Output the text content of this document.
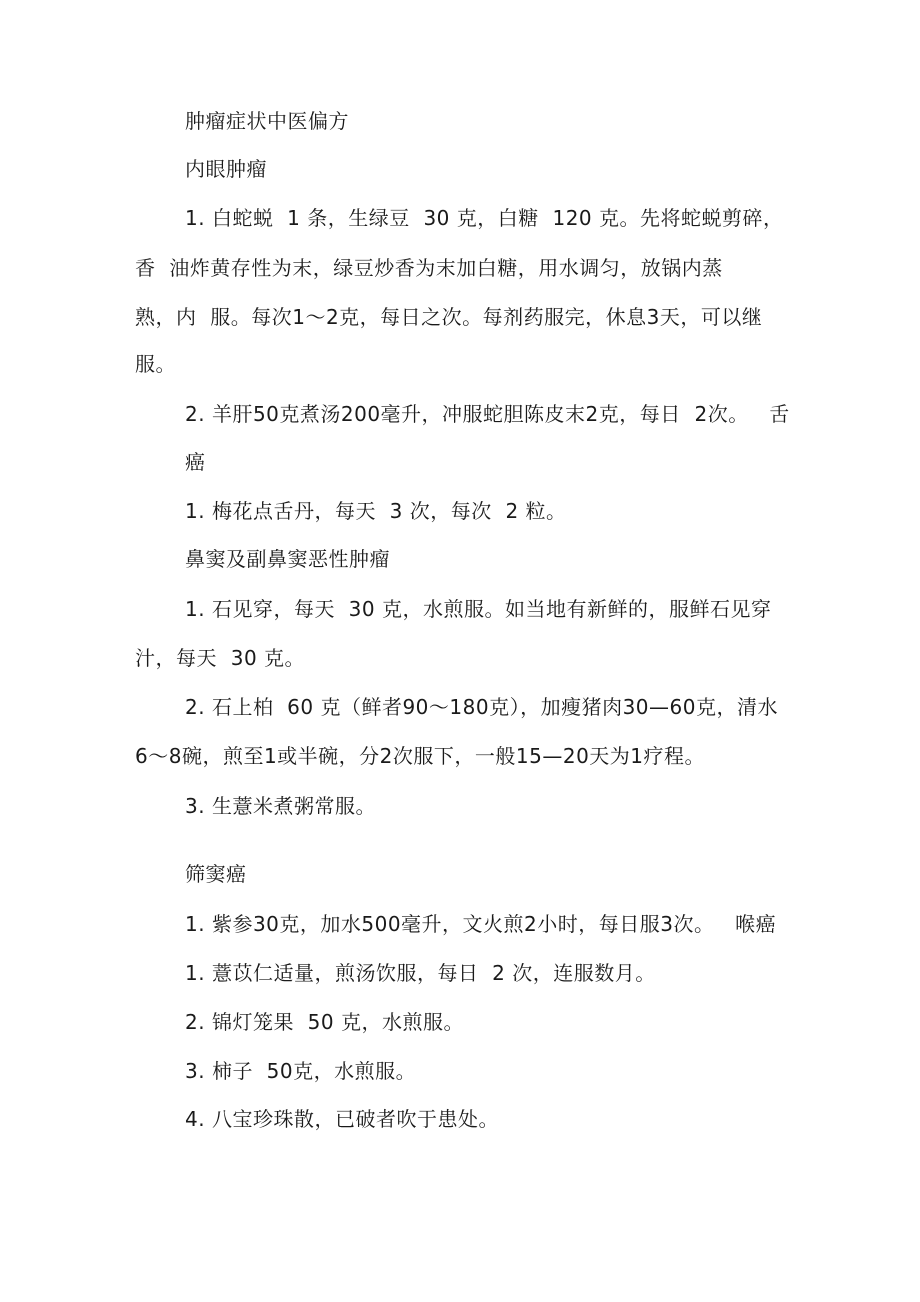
肿瘤症状中医偏方
内眼肿瘤
1. 白蛇蜕  1 条，生绿豆  30 克，白糖  120 克。先将蛇蜕剪碎，
香  油炸黄存性为末，绿豆炒香为末加白糖，用水调匀，放锅内蒸
熟，内  服。每次1～2克，每日之次。每剂药服完，休息3天，可以继
服。
2. 羊肝50克煮汤200毫升，冲服蛇胆陈皮末2克，每日  2次。   舌
癌
1. 梅花点舌丹，每天  3 次，每次  2 粒。
鼻窦及副鼻窦恶性肿瘤
1. 石见穿，每天  30 克，水煎服。如当地有新鲜的，服鲜石见穿
汁，每天  30 克。
2. 石上柏  60 克（鲜者90～180克），加瘦猪肉30—60克，清水
6～8碗，煎至1或半碗，分2次服下，一般15—20天为1疗程。
3. 生薏米煮粥常服。
筛窦癌
1. 紫参30克，加水500毫升，文火煎2小时，每日服3次。   喉癌
1. 薏苡仁适量，煎汤饮服，每日  2 次，连服数月。
2. 锦灯笼果  50 克，水煎服。
3. 柿子  50克，水煎服。
4. 八宝珍珠散，已破者吹于患处。
